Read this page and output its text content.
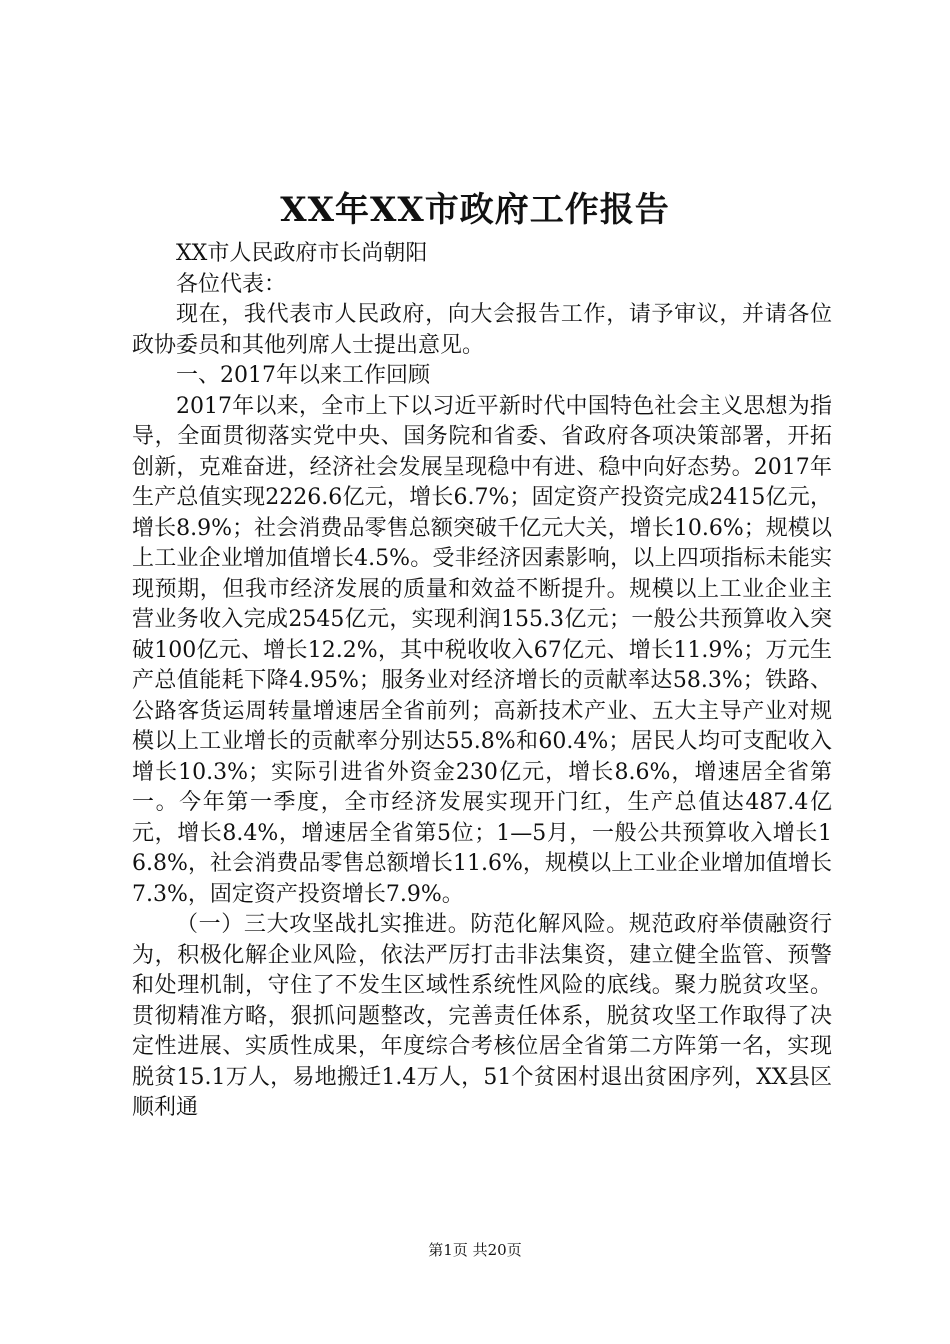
XX年XX市政府工作报告

XX市人民政府市长尚朝阳

各位代表：

现在，我代表市人民政府，向大会报告工作，请予审议，并请各位政协委员和其他列席人士提出意见。

一、2017年以来工作回顾

2017年以来，全市上下以习近平新时代中国特色社会主义思想为指导，全面贯彻落实党中央、国务院和省委、省政府各项决策部署，开拓创新，克难奋进，经济社会发展呈现稳中有进、稳中向好态势。2017年生产总值实现2226.6亿元，增长6.7%；固定资产投资完成2415亿元，增长8.9%；社会消费品零售总额突破千亿元大关，增长10.6%；规模以上工业企业增加值增长4.5%。受非经济因素影响，以上四项指标未能实现预期，但我市经济发展的质量和效益不断提升。规模以上工业企业主营业务收入完成2545亿元，实现利润155.3亿元；一般公共预算收入突破100亿元、增长12.2%，其中税收收入67亿元、增长11.9%；万元生产总值能耗下降4.95%；服务业对经济增长的贡献率达58.3%；铁路、公路客货运周转量增速居全省前列；高新技术产业、五大主导产业对规模以上工业增长的贡献率分别达55.8%和60.4%；居民人均可支配收入增长10.3%；实际引进省外资金230亿元，增长8.6%，增速居全省第一。今年第一季度，全市经济发展实现开门红，生产总值达487.4亿元，增长8.4%，增速居全省第5位；1—5月，一般公共预算收入增长16.8%，社会消费品零售总额增长11.6%，规模以上工业企业增加值增长7.3%，固定资产投资增长7.9%。

（一）三大攻坚战扎实推进。防范化解风险。规范政府举债融资行为，积极化解企业风险，依法严厉打击非法集资，建立健全监管、预警和处理机制，守住了不发生区域性系统性风险的底线。聚力脱贫攻坚。贯彻精准方略，狠抓问题整改，完善责任体系，脱贫攻坚工作取得了决定性进展、实质性成果，年度综合考核位居全省第二方阵第一名，实现脱贫15.1万人，易地搬迁1.4万人，51个贫困村退出贫困序列，XX县区顺利通

第1页 共20页
